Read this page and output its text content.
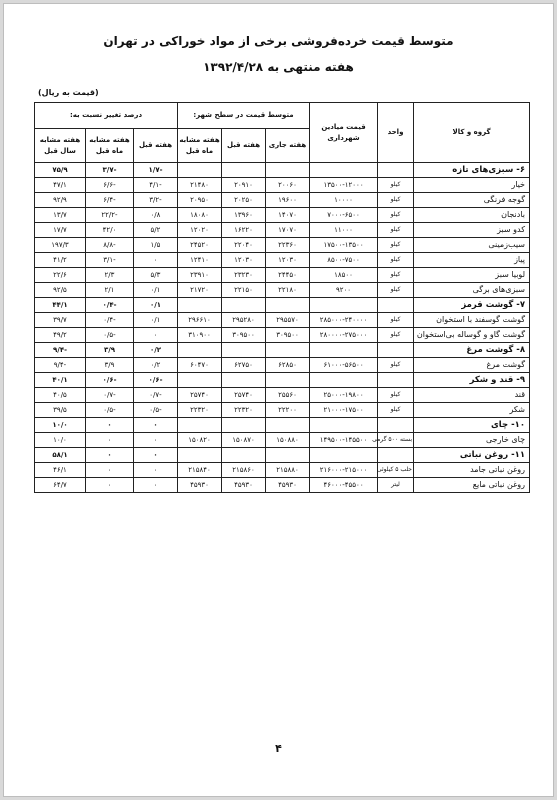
متوسط قیمت خرده‌فروشی برخی از مواد خوراکی در تهران
هفته منتهی به ۱۳۹۲/۴/۲۸
(قیمت به ریال)
گروه و کالا	واحد	قیمت میادین شهرداری	متوسط قیمت در سطح شهر:			درصد تغییر نسبت به:		
			هفته جاری	هفته قبل	هفته مشابه ماه قبل	هفته قبل	هفته مشابه ماه قبل	هفته مشابه سال قبل
۶- سبزی‌های تازه						-۱/۷	-۳/۷	۷۵/۹
خیار	کیلو	۱۳۵۰۰-۱۲۰۰۰	۲۰۰۶۰	۲۰۹۱۰	۲۱۴۸۰	-۴/۱	-۶/۶	۴۷/۱
گوجه فرنگی	کیلو	۱۰۰۰۰	۱۹۶۰۰	۲۰۲۵۰	۲۰۹۵۰	-۳/۲	-۶/۴	۹۲/۹
بادنجان	کیلو	۷۰۰۰-۶۵۰۰	۱۴۰۷۰	۱۳۹۶۰	۱۸۰۸۰	۰/۸	-۲۲/۲	۱۳/۷
کدو سبز	کیلو	۱۱۰۰۰	۱۷۰۷۰	۱۶۲۲۰	۱۲۰۲۰	۵/۲	۴۲/۰	۱۷/۷
سیب‌زمینی	کیلو	۱۷۵۰۰-۱۳۵۰۰	۲۲۳۶۰	۲۲۰۴۰	۲۴۵۲۰	۱/۵	-۸/۸	۱۹۷/۳
پیاز	کیلو	۸۵۰۰-۷۵۰۰	۱۲۰۳۰	۱۲۰۳۰	۱۲۴۱۰	۰	-۳/۱	۴۱/۲
لوبیا سبز	کیلو	۱۸۵۰۰	۲۴۴۵۰	۲۳۲۳۰	۲۳۹۱۰	۵/۳	۲/۳	۲۲/۶
سبزی‌های برگی	کیلو	۹۲۰۰	۲۲۱۸۰	۲۲۱۵۰	۲۱۷۲۰	۰/۱	۲/۱	۹۲/۵
۷- گوشت قرمز						۰/۱	-۰/۴	۴۴/۱
گوشت گوسفند با استخوان	کیلو	۲۸۵۰۰۰-۲۴۰۰۰۰	۲۹۵۵۷۰	۲۹۵۲۸۰	۲۹۶۶۱۰	۰/۱	-۰/۴	۳۹/۷
گوشت گاو و گوساله بی‌استخوان	کیلو	۲۸۰۰۰۰-۲۷۵۰۰۰	۳۰۹۵۰۰	۳۰۹۵۰۰	۳۱۰۹۰۰	۰	-۰/۵	۴۹/۲
۸- گوشت مرغ						۰/۲	۳/۹	-۹/۴
گوشت مرغ	کیلو	۶۱۰۰۰-۵۶۵۰۰	۶۲۸۵۰	۶۲۷۵۰	۶۰۴۷۰	۰/۲	۳/۹	-۹/۴
۹- قند و شکر						-۰/۶	-۰/۶	۴۰/۱
قند	کیلو	۲۵۰۰۰-۱۹۸۰۰	۲۵۵۶۰	۲۵۷۴۰	۲۵۷۴۰	-۰/۷	-۰/۷	۴۰/۵
شکر	کیلو	۲۱۰۰۰-۱۷۵۰۰	۲۲۲۰۰	۲۲۳۲۰	۲۲۳۲۰	-۰/۵	-۰/۵	۳۹/۵
۱۰- چای						۰	۰	۱۰/۰
چای خارجی	بسته ۵۰۰ گرمی	۱۴۹۵۰۰-۱۴۵۵۰۰	۱۵۰۸۸۰	۱۵۰۸۷۰	۱۵۰۸۲۰	۰	۰	۱۰/۰
۱۱- روغن نباتی						۰	۰	۵۸/۱
روغن نباتی جامد	حلب ۵ کیلوئی	۲۱۶۰۰۰-۲۱۵۰۰۰	۲۱۵۸۸۰	۲۱۵۸۶۰	۲۱۵۸۴۰	۰	۰	۴۶/۱
روغن نباتی مایع	لیتر	۴۶۰۰۰-۴۵۵۰۰	۴۵۹۳۰	۴۵۹۳۰	۴۵۹۳۰	۰	۰	۶۴/۷
۴
